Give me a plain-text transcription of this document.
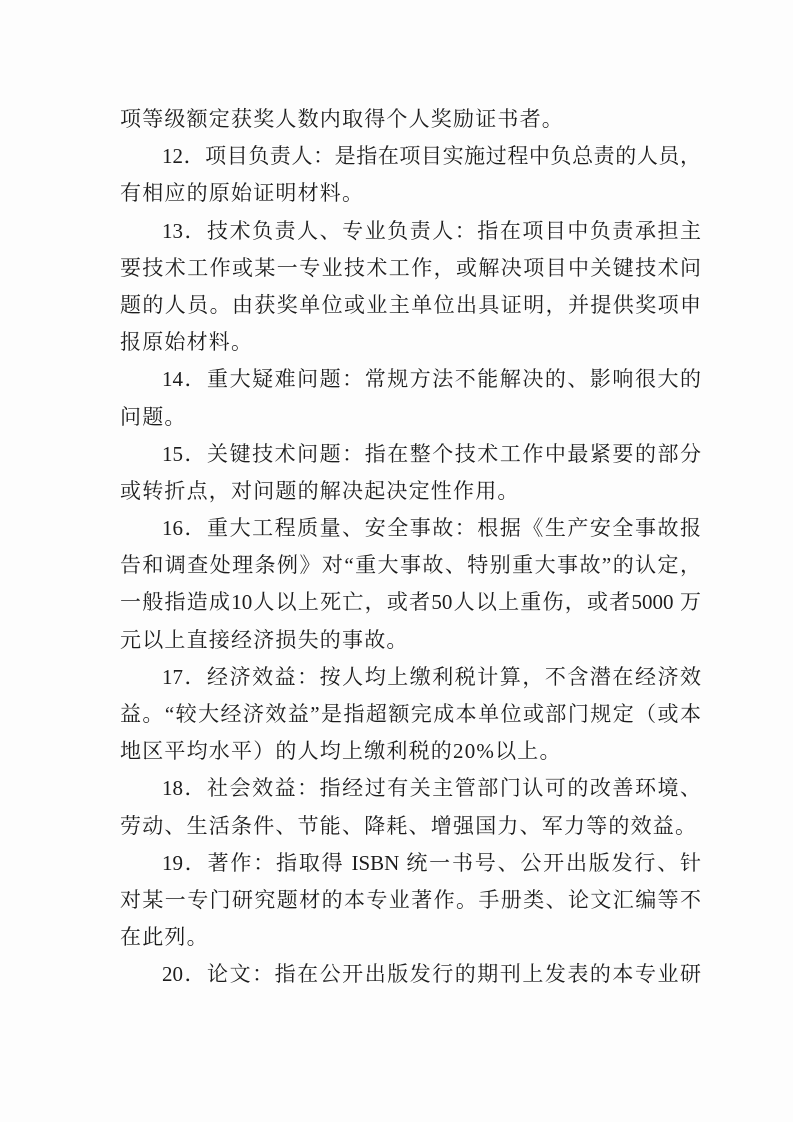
项等级额定获奖人数内取得个人奖励证书者。
12．项目负责人：是指在项目实施过程中负总责的人员，
有相应的原始证明材料。
13．技术负责人、专业负责人：指在项目中负责承担主
要技术工作或某一专业技术工作，或解决项目中关键技术问
题的人员。由获奖单位或业主单位出具证明，并提供奖项申
报原始材料。
14．重大疑难问题：常规方法不能解决的、影响很大的
问题。
15．关键技术问题：指在整个技术工作中最紧要的部分
或转折点，对问题的解决起决定性作用。
16．重大工程质量、安全事故：根据《生产安全事故报
告和调查处理条例》对“重大事故、特别重大事故”的认定，
一般指造成10人以上死亡，或者50人以上重伤，或者5000 万
元以上直接经济损失的事故。
17．经济效益：按人均上缴利税计算，不含潜在经济效
益。“较大经济效益”是指超额完成本单位或部门规定（或本
地区平均水平）的人均上缴利税的20%以上。
18．社会效益：指经过有关主管部门认可的改善环境、
劳动、生活条件、节能、降耗、增强国力、军力等的效益。
19．著作：指取得 ISBN 统一书号、公开出版发行、针
对某一专门研究题材的本专业著作。手册类、论文汇编等不
在此列。
20．论文：指在公开出版发行的期刊上发表的本专业研
